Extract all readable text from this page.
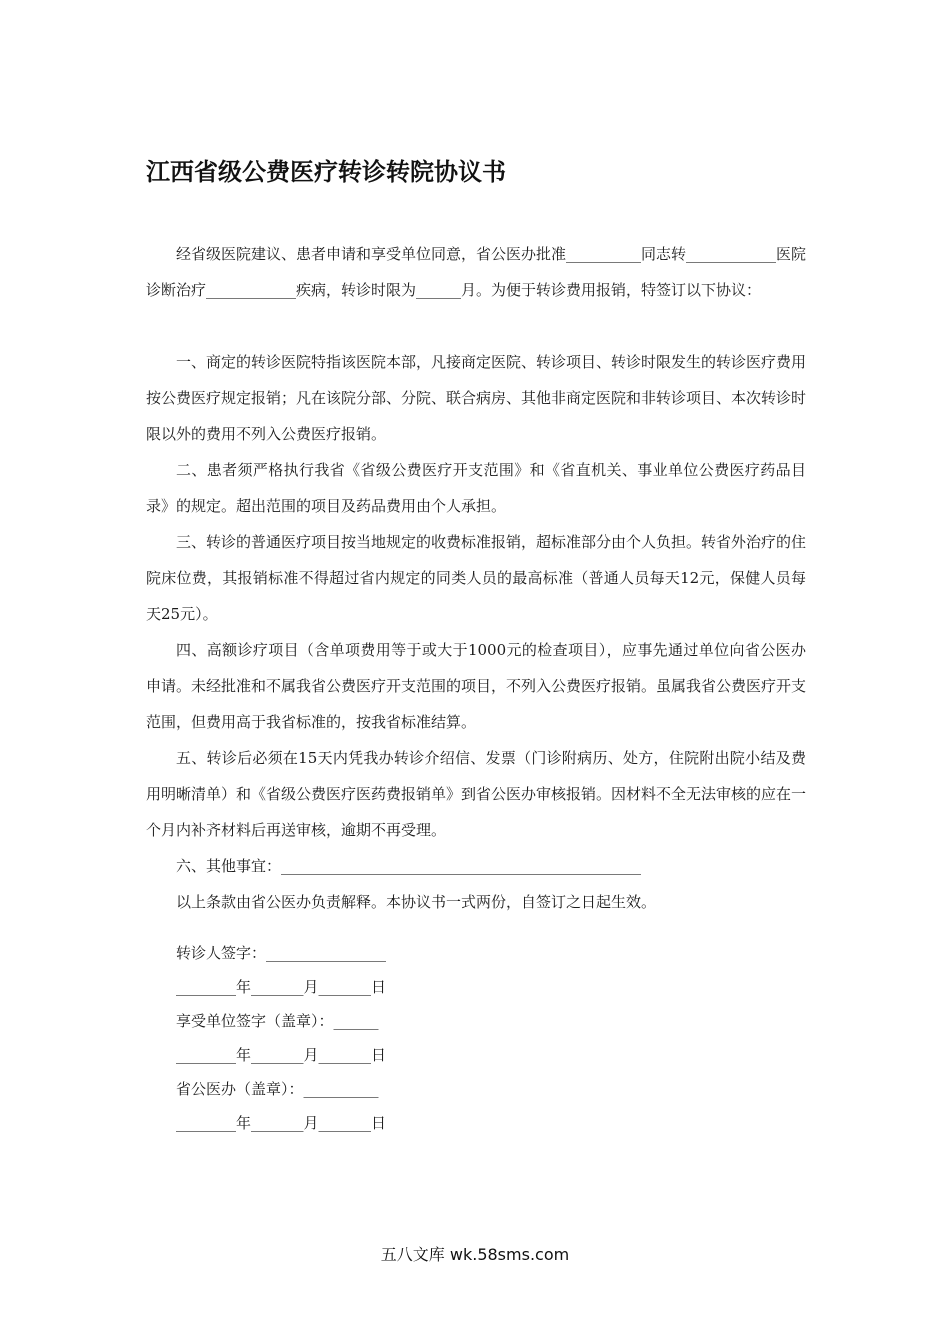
江西省级公费医疗转诊转院协议书

经省级医院建议、患者申请和享受单位同意，省公医办批准__________同志转____________医院诊断治疗____________疾病，转诊时限为______月。为便于转诊费用报销，特签订以下协议：

一、商定的转诊医院特指该医院本部，凡接商定医院、转诊项目、转诊时限发生的转诊医疗费用按公费医疗规定报销；凡在该院分部、分院、联合病房、其他非商定医院和非转诊项目、本次转诊时限以外的费用不列入公费医疗报销。

二、患者须严格执行我省《省级公费医疗开支范围》和《省直机关、事业单位公费医疗药品目录》的规定。超出范围的项目及药品费用由个人承担。

三、转诊的普通医疗项目按当地规定的收费标准报销，超标准部分由个人负担。转省外治疗的住院床位费，其报销标准不得超过省内规定的同类人员的最高标准（普通人员每天12元，保健人员每天25元）。

四、高额诊疗项目（含单项费用等于或大于1000元的检查项目），应事先通过单位向省公医办申请。未经批准和不属我省公费医疗开支范围的项目，不列入公费医疗报销。虽属我省公费医疗开支范围，但费用高于我省标准的，按我省标准结算。

五、转诊后必须在15天内凭我办转诊介绍信、发票（门诊附病历、处方，住院附出院小结及费用明晰清单）和《省级公费医疗医药费报销单》到省公医办审核报销。因材料不全无法审核的应在一个月内补齐材料后再送审核，逾期不再受理。

六、其他事宜：________________________________________________

以上条款由省公医办负责解释。本协议书一式两份，自签订之日起生效。

转诊人签字：________________

________年_______月_______日

享受单位签字（盖章）：______

________年_______月_______日

省公医办（盖章）：__________

________年_______月_______日

五八文库 wk.58sms.com
